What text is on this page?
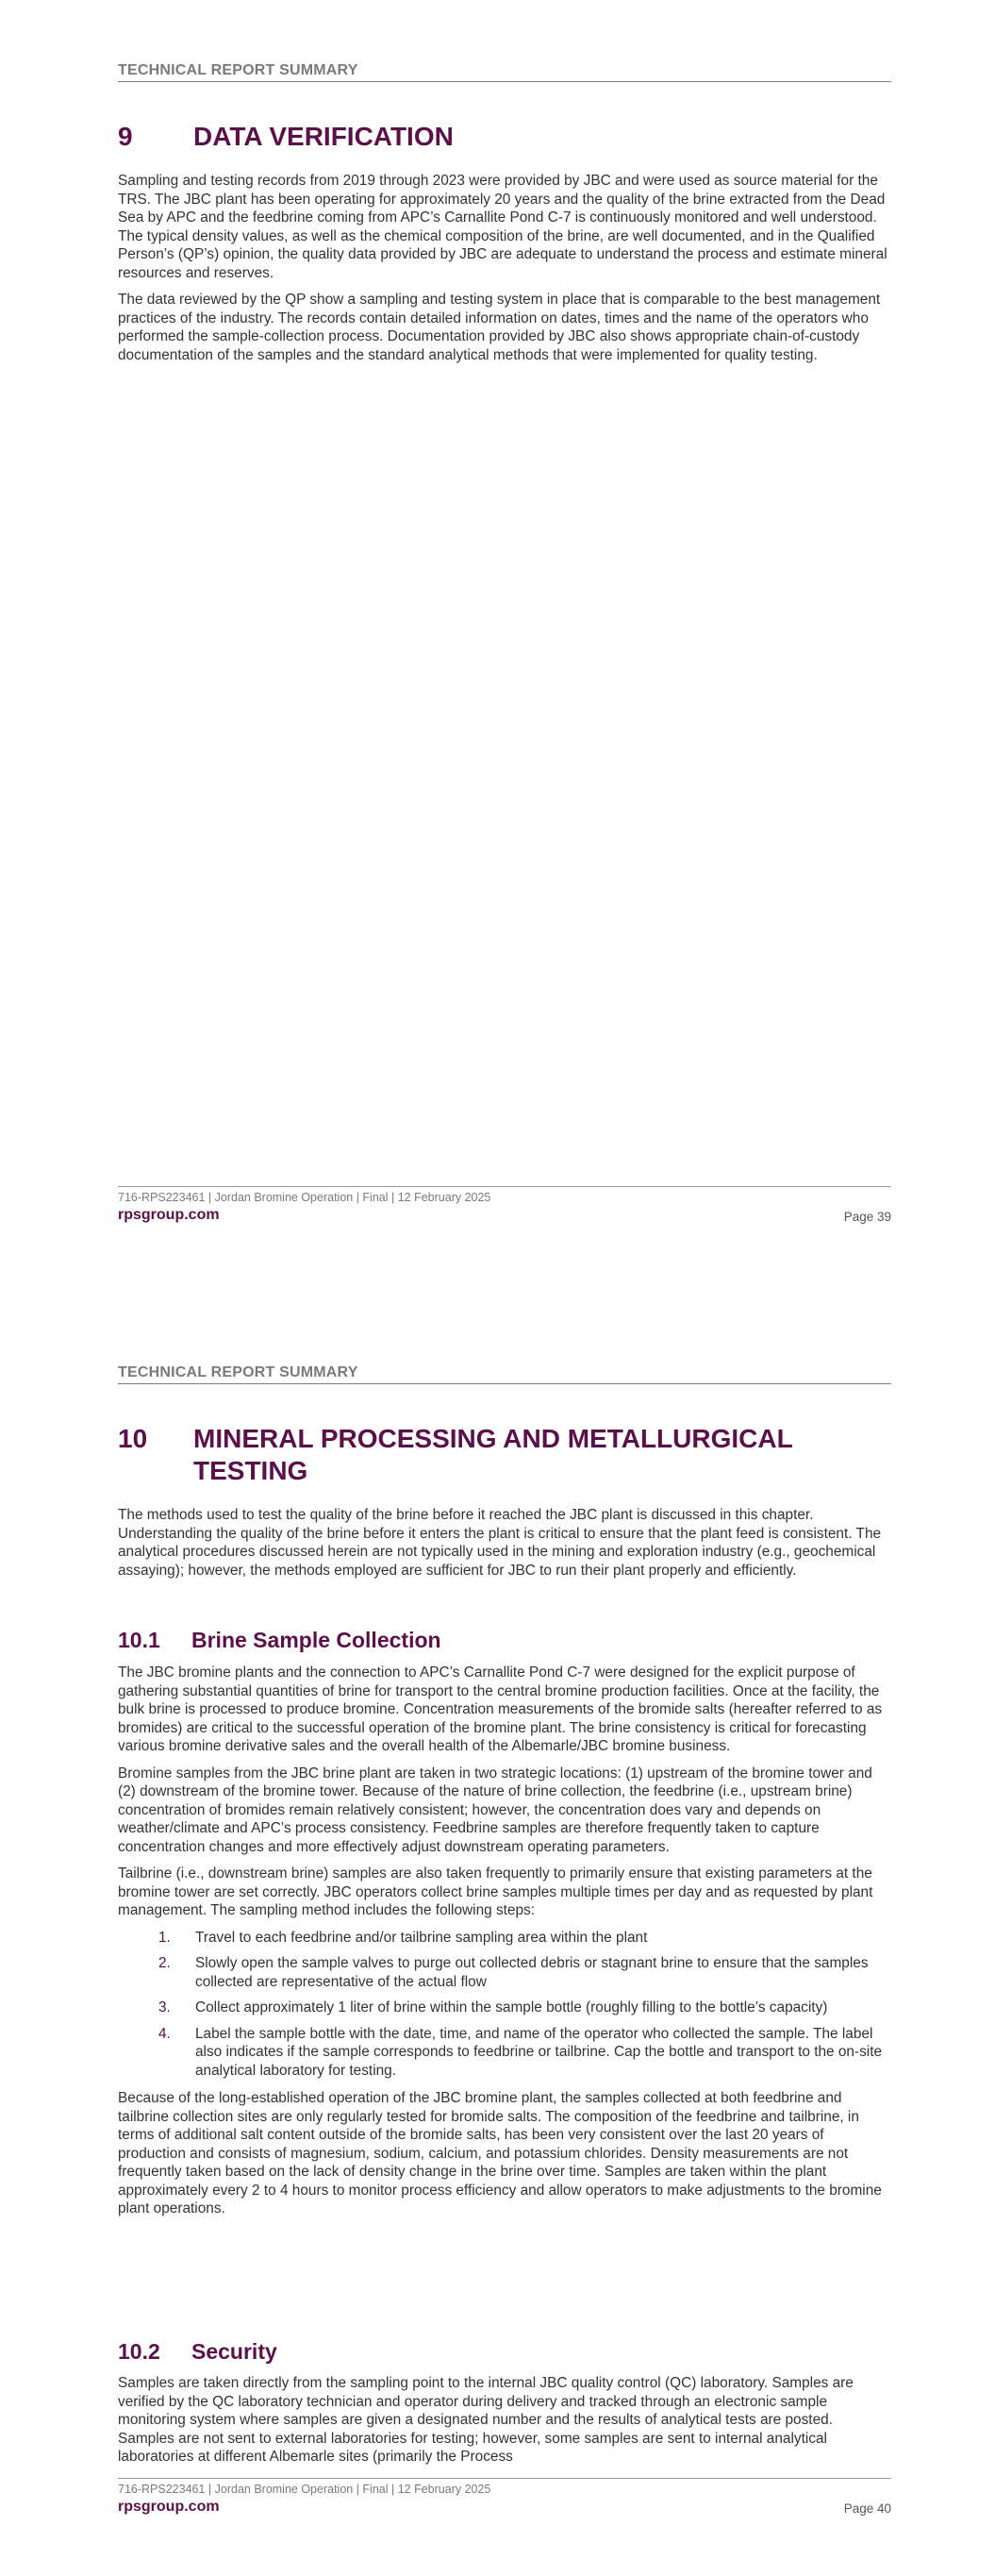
TECHNICAL REPORT SUMMARY
9 DATA VERIFICATION

Sampling and testing records from 2019 through 2023 were provided by JBC and were used as source material for the TRS. The JBC plant has been operating for approximately 20 years and the quality of the brine extracted from the Dead Sea by APC and the feedbrine coming from APC’s Carnallite Pond C-7 is continuously monitored and well understood. The typical density values, as well as the chemical composition of the brine, are well documented, and in the Qualified Person’s (QP’s) opinion, the quality data provided by JBC are adequate to understand the process and estimate mineral resources and reserves.

The data reviewed by the QP show a sampling and testing system in place that is comparable to the best management practices of the industry. The records contain detailed information on dates, times and the name of the operators who performed the sample-collection process. Documentation provided by JBC also shows appropriate chain-of-custody documentation of the samples and the standard analytical methods that were implemented for quality testing.

716-RPS223461 | Jordan Bromine Operation | Final | 12 February 2025
rpsgroup.com	Page 39
TECHNICAL REPORT SUMMARY
10 MINERAL PROCESSING AND METALLURGICAL TESTING

The methods used to test the quality of the brine before it reached the JBC plant is discussed in this chapter. Understanding the quality of the brine before it enters the plant is critical to ensure that the plant feed is consistent. The analytical procedures discussed herein are not typically used in the mining and exploration industry (e.g., geochemical assaying); however, the methods employed are sufficient for JBC to run their plant properly and efficiently.

10.1 Brine Sample Collection

The JBC bromine plants and the connection to APC’s Carnallite Pond C-7 were designed for the explicit purpose of gathering substantial quantities of brine for transport to the central bromine production facilities. Once at the facility, the bulk brine is processed to produce bromine. Concentration measurements of the bromide salts (hereafter referred to as bromides) are critical to the successful operation of the bromine plant. The brine consistency is critical for forecasting various bromine derivative sales and the overall health of the Albemarle/JBC bromine business.

Bromine samples from the JBC brine plant are taken in two strategic locations: (1) upstream of the bromine tower and (2) downstream of the bromine tower. Because of the nature of brine collection, the feedbrine (i.e., upstream brine) concentration of bromides remain relatively consistent; however, the concentration does vary and depends on weather/climate and APC’s process consistency. Feedbrine samples are therefore frequently taken to capture concentration changes and more effectively adjust downstream operating parameters.

Tailbrine (i.e., downstream brine) samples are also taken frequently to primarily ensure that existing parameters at the bromine tower are set correctly. JBC operators collect brine samples multiple times per day and as requested by plant management. The sampling method includes the following steps:

1. Travel to each feedbrine and/or tailbrine sampling area within the plant
2. Slowly open the sample valves to purge out collected debris or stagnant brine to ensure that the samples collected are representative of the actual flow
3. Collect approximately 1 liter of brine within the sample bottle (roughly filling to the bottle’s capacity)
4. Label the sample bottle with the date, time, and name of the operator who collected the sample. The label also indicates if the sample corresponds to feedbrine or tailbrine. Cap the bottle and transport to the on-site analytical laboratory for testing.

Because of the long-established operation of the JBC bromine plant, the samples collected at both feedbrine and tailbrine collection sites are only regularly tested for bromide salts. The composition of the feedbrine and tailbrine, in terms of additional salt content outside of the bromide salts, has been very consistent over the last 20 years of production and consists of magnesium, sodium, calcium, and potassium chlorides. Density measurements are not frequently taken based on the lack of density change in the brine over time. Samples are taken within the plant approximately every 2 to 4 hours to monitor process efficiency and allow operators to make adjustments to the bromine plant operations.

10.2 Security

Samples are taken directly from the sampling point to the internal JBC quality control (QC) laboratory. Samples are verified by the QC laboratory technician and operator during delivery and tracked through an electronic sample monitoring system where samples are given a designated number and the results of analytical tests are posted. Samples are not sent to external laboratories for testing; however, some samples are sent to internal analytical laboratories at different Albemarle sites (primarily the Process

716-RPS223461 | Jordan Bromine Operation | Final | 12 February 2025
rpsgroup.com	Page 40
